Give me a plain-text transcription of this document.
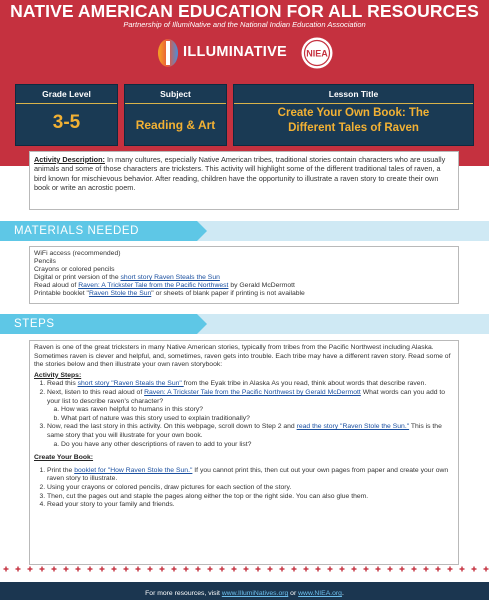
NATIVE AMERICAN EDUCATION FOR ALL RESOURCES
Partnership of IllumiNative and the National Indian Education Association
ILLUMINATIVE NIEA
Grade Level
3-5
Subject
Reading & Art
Lesson Title
Create Your Own Book: The
Different Tales of Raven
Activity Description: In many cultures, especially Native American tribes, traditional stories contain characters who are usually animals and some of those characters are tricksters. This activity will highlight some of the different traditional tales of raven, a bird known for mischievous behavior. After reading, children have the opportunity to illustrate a raven story to create their own book or write an acrostic poem.
MATERIALS NEEDED
WiFi access (recommended)
Pencils
Crayons or colored pencils
Digital or print version of the short story Raven Steals the Sun
Read aloud of Raven: A Trickster Tale from the Pacific Northwest by Gerald McDermott
Printable booklet "Raven Stole the Sun" or sheets of blank paper if printing is not available
STEPS
Raven is one of the great tricksters in many Native American stories, typically from tribes from the Pacific Northwest including Alaska. Sometimes raven is clever and helpful, and, sometimes, raven gets into trouble. Each tribe may have a different raven story. Read some of the stories below and then illustrate your own raven storybook:
Activity Steps:
1. Read this short story "Raven Steals the Sun" from the Eyak tribe in Alaska As you read, think about words that describe raven.
2. Next, listen to this read aloud of Raven: A Trickster Tale from the Pacific Northwest by Gerald McDermott What words can you add to your list to describe raven's character?
a. How was raven helpful to humans in this story?
b. What part of nature was this story used to explain traditionally?
3. Now, read the last story in this activity. On this webpage, scroll down to Step 2 and read the story "Raven Stole the Sun." This is the same story that you will illustrate for your own book.
a. Do you have any other descriptions of raven to add to your list?
Create Your Book:
1. Print the booklet for "How Raven Stole the Sun." If you cannot print this, then cut out your own pages from paper and create your own raven story to illustrate.
2. Using your crayons or colored pencils, draw pictures for each section of the story.
3. Then, cut the pages out and staple the pages along either the top or the right side. You can also glue them.
4. Read your story to your family and friends.
For more resources, visit www.IllumiNatives.org or www.NIEA.org.
